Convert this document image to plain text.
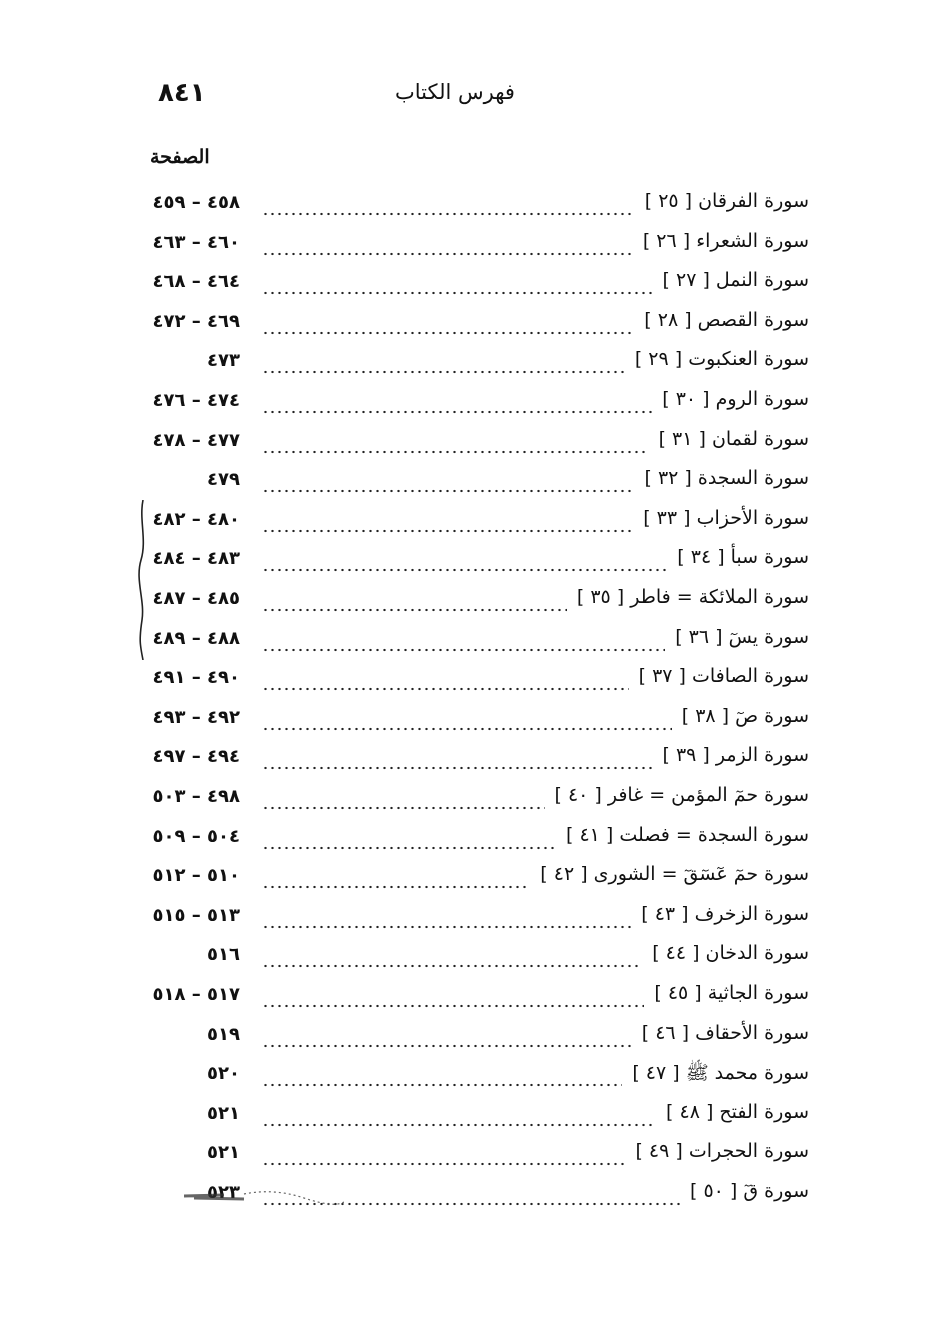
٨٤١	فهرس الكتاب
الصفحة
٤٥٨ – ٤٥٩	سورة الفرقان [ ٢٥ ]
٤٦٠ – ٤٦٣	سورة الشعراء [ ٢٦ ]
٤٦٤ – ٤٦٨	سورة النمل [ ٢٧ ]
٤٦٩ – ٤٧٢	سورة القصص [ ٢٨ ]
٤٧٣	سورة العنكبوت [ ٢٩ ]
٤٧٤ – ٤٧٦	سورة الروم [ ٣٠ ]
٤٧٧ – ٤٧٨	سورة لقمان [ ٣١ ]
٤٧٩	سورة السجدة [ ٣٢ ]
٤٨٠ – ٤٨٢	سورة الأحزاب [ ٣٣ ]
٤٨٣ – ٤٨٤	سورة سبأ [ ٣٤ ]
٤٨٥ – ٤٨٧	سورة الملائكة = فاطر [ ٣٥ ]
٤٨٨ – ٤٨٩	سورة يسٓ [ ٣٦ ]
٤٩٠ – ٤٩١	سورة الصافات [ ٣٧ ]
٤٩٢ – ٤٩٣	سورة صٓ [ ٣٨ ]
٤٩٤ – ٤٩٧	سورة الزمر [ ٣٩ ]
٤٩٨ – ٥٠٣	سورة حمٓ المؤمن = غافر [ ٤٠ ]
٥٠٤ – ٥٠٩	سورة السجدة = فصلت [ ٤١ ]
٥١٠ – ٥١٢	سورة حمٓ عٓسٓقٓ = الشورى [ ٤٢ ]
٥١٣ – ٥١٥	سورة الزخرف [ ٤٣ ]
٥١٦	سورة الدخان [ ٤٤ ]
٥١٧ – ٥١٨	سورة الجاثية [ ٤٥ ]
٥١٩	سورة الأحقاف [ ٤٦ ]
٥٢٠	سورة محمد ﷺ [ ٤٧ ]
٥٢١	سورة الفتح [ ٤٨ ]
٥٢١	سورة الحجرات [ ٤٩ ]
٥٢٣	سورة قٓ [ ٥٠ ]
